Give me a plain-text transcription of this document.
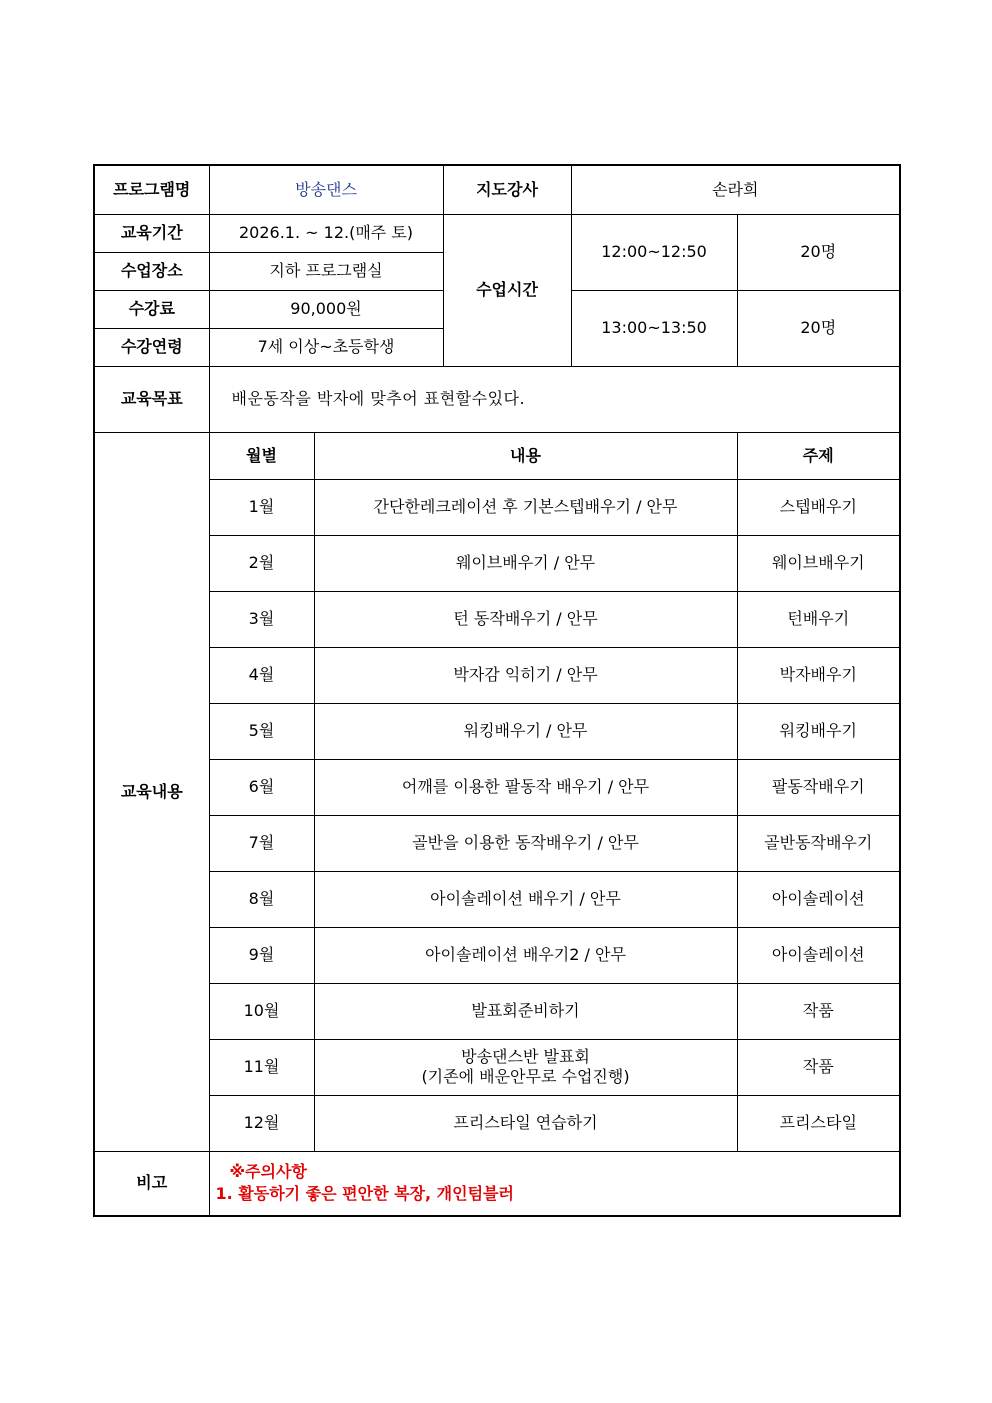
프로그램명	방송댄스		지도강사	손라희	
교육기간	2026.1. ~ 12.(매주 토)		수업시간	12:00~12:50	20명
수업장소	지하 프로그램실				
수강료	90,000원			13:00~13:50	20명
수강연령	7세 이상~초등학생				
교육목표	배운동작을 박자에 맞추어 표현할수있다.				
교육내용	월별	내용			주제
	1월	간단한레크레이션 후 기본스텝배우기 / 안무			스텝배우기
	2월	웨이브배우기 / 안무			웨이브배우기
	3월	턴 동작배우기 / 안무			턴배우기
	4월	박자감 익히기 / 안무			박자배우기
	5월	워킹배우기 / 안무			워킹배우기
	6월	어깨를 이용한 팔동작 배우기 / 안무			팔동작배우기
	7월	골반을 이용한 동작배우기 / 안무			골반동작배우기
	8월	아이솔레이션 배우기 / 안무			아이솔레이션
	9월	아이솔레이션 배우기2 / 안무			아이솔레이션
	10월	발표회준비하기			작품
	11월	방송댄스반 발표회
(기존에 배운안무로 수업진행)			작품
	12월	프리스타일 연습하기			프리스타일
비고	※주의사항
1. 활동하기 좋은 편안한 복장, 개인텀블러				
